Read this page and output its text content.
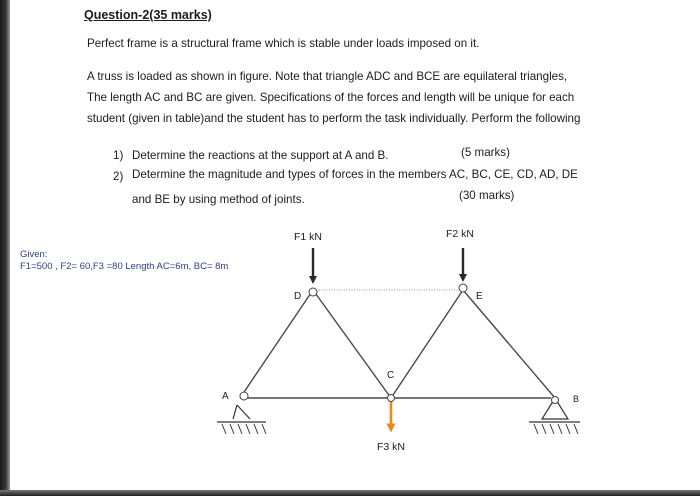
Question-2(35 marks)
Perfect frame is a structural frame which is stable under loads imposed on it.
A truss is loaded as shown in figure. Note that triangle ADC and BCE are equilateral triangles,
The length AC and BC are given. Specifications of the forces and length will be unique for each
student (given in table)and the student has to perform the task individually. Perform the following
1) Determine the reactions at the support at A and B.	(5 marks)
2) Determine the magnitude and types of forces in the members AC, BC, CE, CD, AD, DE
and BE by using method of joints.	(30 marks)
Given:
F1=500 , F2= 60,F3 =80 Length AC=6m, BC= 8m
F1 kN	F2 kN
F3 kN
D	E
C
A	B
